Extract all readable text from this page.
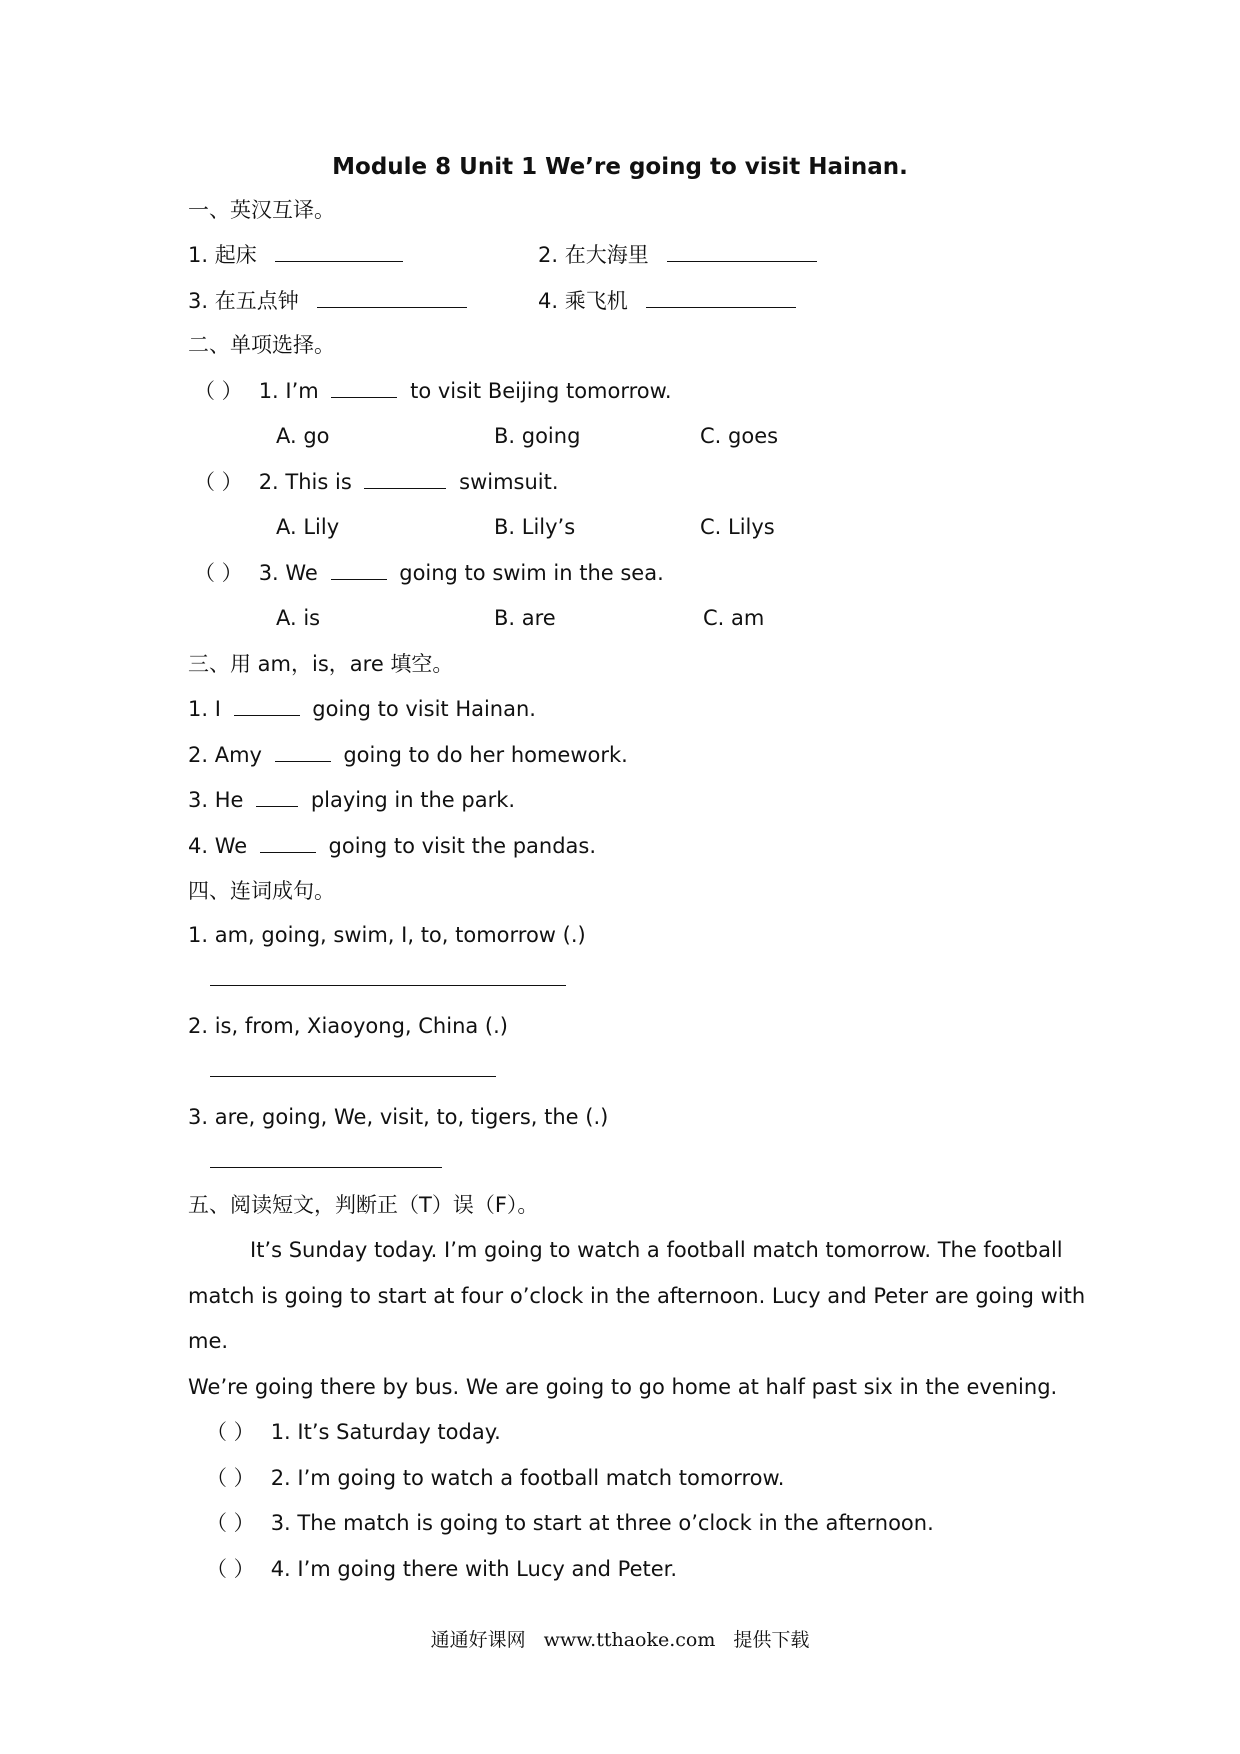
Module 8 Unit 1 We’re going to visit Hainan.
一、英汉互译。
1. 起床	2. 在大海里
3. 在五点钟	4. 乘飞机
二、单项选择。
（ ） 1. I’m	to visit Beijing tomorrow.
A. go	B. going	C. goes
（ ） 2. This is	swimsuit.
A. Lily	B. Lily’s	C. Lilys
（ ） 3. We	going to swim in the sea.
A. is	B. are	C. am
三、用 am，is，are 填空。
1. I	going to visit Hainan.
2. Amy	going to do her homework.
3. He	playing in the park.
4. We	going to visit the pandas.
四、连词成句。
1. am, going, swim, I, to, tomorrow (.)
2. is, from, Xiaoyong, China (.)
3. are, going, We, visit, to, tigers, the (.)
五、阅读短文，判断正（T）误（F）。
It’s Sunday today. I’m going to watch a football match tomorrow. The football
match is going to start at four o’clock in the afternoon. Lucy and Peter are going with
me.
We’re going there by bus. We are going to go home at half past six in the evening.
（ ） 1. It’s Saturday today.
（ ） 2. I’m going to watch a football match tomorrow.
（ ） 3. The match is going to start at three o’clock in the afternoon.
（ ） 4. I’m going there with Lucy and Peter.
通通好课网 www.tthaoke.com 提供下载
